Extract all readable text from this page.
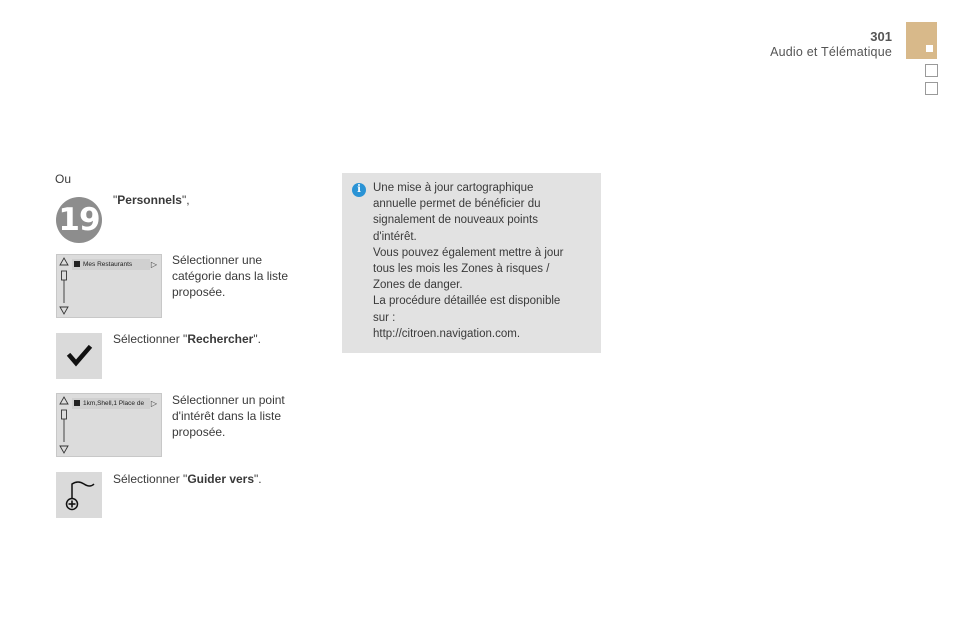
301
Audio et Télématique
Ou
19
"Personnels",
Mes Restaurants	▷ Sélectionner une
catégorie dans la liste
proposée.
Sélectionner "Rechercher".
1km,Shell,1 Place de ▷ Sélectionner un point
d'intérêt dans la liste
proposée.
Sélectionner "Guider vers".
i	Une mise à jour cartographique
annuelle permet de bénéficier du
signalement de nouveaux points
d'intérêt.
Vous pouvez également mettre à jour
tous les mois les Zones à risques /
Zones de danger.
La procédure détaillée est disponible
sur :
http://citroen.navigation.com.
